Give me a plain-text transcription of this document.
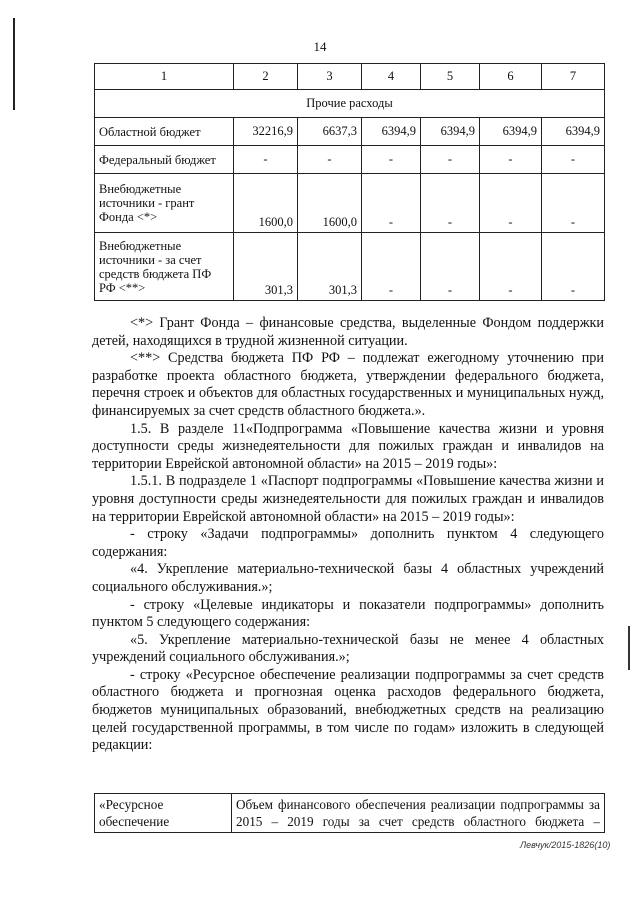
14
1	2	3	4	5	6	7
Прочие расходы						
Областной бюджет	32216,9	6637,3	6394,9	6394,9	6394,9	6394,9
Федеральный бюджет	-	-	-	-	-	-
Внебюджетные источники - грант Фонда <*>	1600,0	1600,0	-	-	-	-
Внебюджетные источники - за счет средств бюджета ПФ РФ <**>	301,3	301,3	-	-	-	-

<*> Грант Фонда – финансовые средства, выделенные Фондом поддержки детей, находящихся в трудной жизненной ситуации.

<**> Средства бюджета ПФ РФ – подлежат ежегодному уточнению при разработке проекта областного бюджета, утверждении федерального бюджета, перечня строек и объектов для областных государственных и муниципальных нужд, финансируемых за счет средств областного бюджета.».

1.5. В разделе 11«Подпрограмма «Повышение качества жизни и уровня доступности среды жизнедеятельности для пожилых граждан и инвалидов на территории Еврейской автономной области» на 2015 – 2019 годы»:

1.5.1. В подразделе 1 «Паспорт подпрограммы «Повышение качества жизни и уровня доступности среды жизнедеятельности для пожилых граждан и инвалидов на территории Еврейской автономной области» на 2015 – 2019 годы»:

- строку «Задачи подпрограммы» дополнить пунктом 4 следующего содержания:

«4. Укрепление материально-технической базы 4 областных учреждений социального обслуживания.»;

- строку «Целевые индикаторы и показатели подпрограммы» дополнить пунктом 5 следующего содержания:

«5. Укрепление материально-технической базы не менее 4 областных учреждений социального обслуживания.»;

- строку «Ресурсное обеспечение реализации подпрограммы за счет средств областного бюджета и прогнозная оценка расходов федерального бюджета, бюджетов муниципальных образований, внебюджетных средств на реализацию целей государственной программы, в том числе по годам» изложить в следующей редакции:

«Ресурсное обеспечение	Объем финансового обеспечения реализации подпрограммы за 2015 – 2019 годы за счет средств областного бюджета –
Левчук/2015-1826(10)
